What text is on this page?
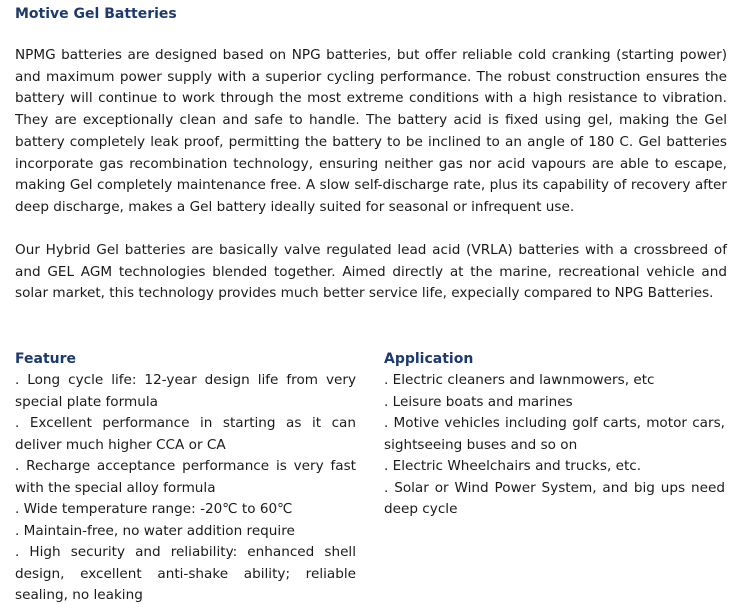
Motive Gel Batteries

NPMG batteries are designed based on NPG batteries, but offer reliable cold cranking (starting power) and maximum power supply with a superior cycling performance. The robust construction ensures the battery will continue to work through the most extreme conditions with a high resistance to vibration. They are exceptionally clean and safe to handle. The battery acid is fixed using gel, making the Gel battery completely leak proof, permitting the battery to be inclined to an angle of 180 C. Gel batteries incorporate gas recombination technology, ensuring neither gas nor acid vapours are able to escape, making Gel completely maintenance free. A slow self-discharge rate, plus its capability of recovery after deep discharge, makes a Gel battery ideally suited for seasonal or infrequent use.

Our Hybrid Gel batteries are basically valve regulated lead acid (VRLA) batteries with a crossbreed of and GEL AGM technologies blended together. Aimed directly at the marine, recreational vehicle and solar market, this technology provides much better service life, expecially compared to NPG Batteries.

Feature
. Long cycle life: 12-year design life from very special plate formula
. Excellent performance in starting as it can deliver much higher CCA or CA
. Recharge acceptance performance is very fast with the special alloy formula
. Wide temperature range: -20℃ to 60℃
. Maintain-free, no water addition require
. High security and reliability: enhanced shell design, excellent anti-shake ability; reliable sealing, no leaking
Application
. Electric cleaners and lawnmowers, etc
. Leisure boats and marines
. Motive vehicles including golf carts, motor cars, sightseeing buses and so on
. Electric Wheelchairs and trucks, etc.
. Solar or Wind Power System, and big ups need deep cycle
